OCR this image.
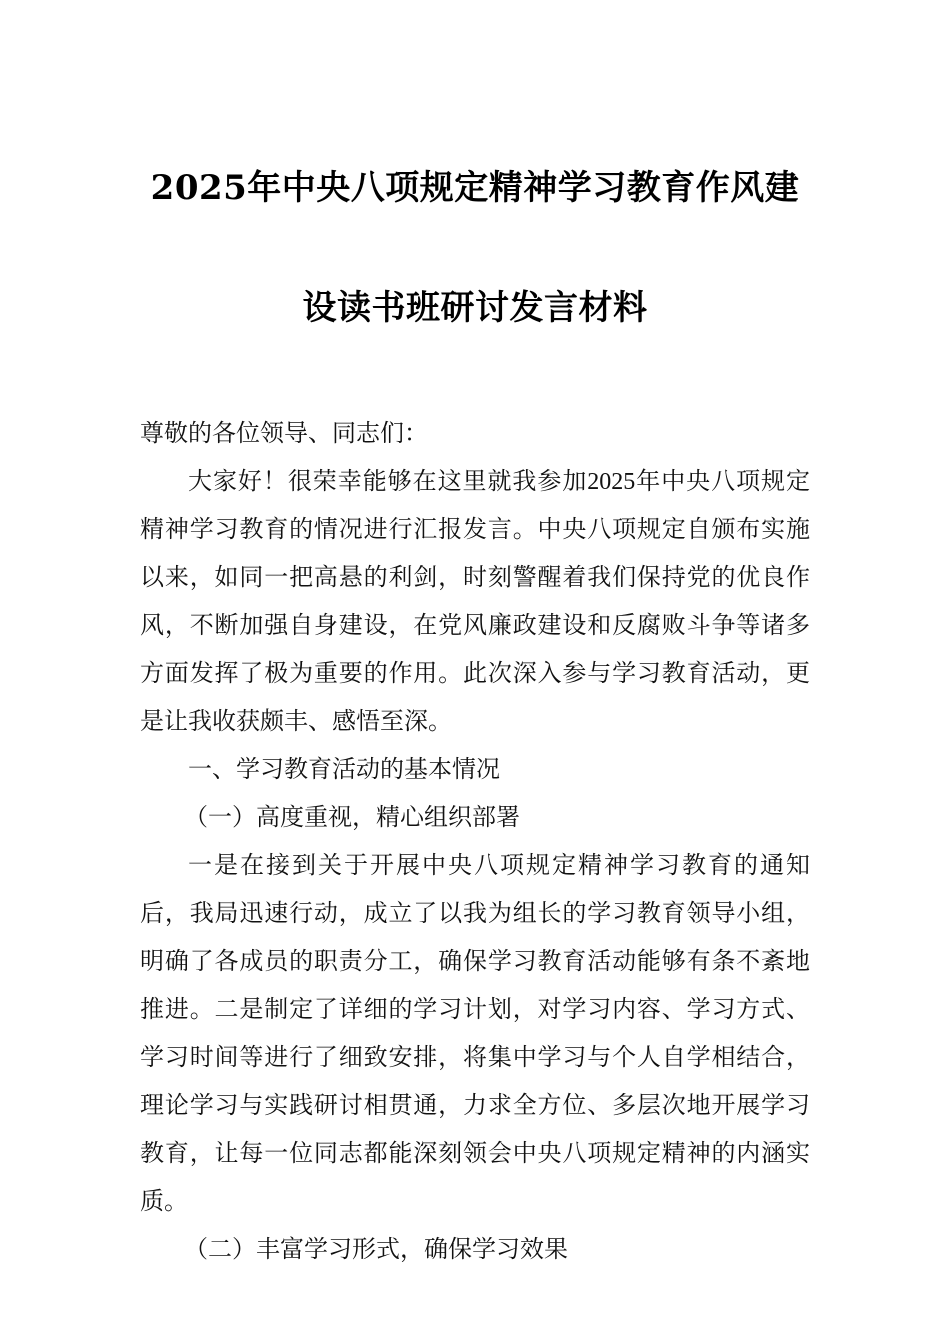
2025年中央八项规定精神学习教育作风建设读书班研讨发言材料

尊敬的各位领导、同志们：

大家好！很荣幸能够在这里就我参加2025年中央八项规定精神学习教育的情况进行汇报发言。中央八项规定自颁布实施以来，如同一把高悬的利剑，时刻警醒着我们保持党的优良作风，不断加强自身建设，在党风廉政建设和反腐败斗争等诸多方面发挥了极为重要的作用。此次深入参与学习教育活动，更是让我收获颇丰、感悟至深。

一、学习教育活动的基本情况

（一）高度重视，精心组织部署

一是在接到关于开展中央八项规定精神学习教育的通知后，我局迅速行动，成立了以我为组长的学习教育领导小组，明确了各成员的职责分工，确保学习教育活动能够有条不紊地推进。二是制定了详细的学习计划，对学习内容、学习方式、学习时间等进行了细致安排，将集中学习与个人自学相结合，理论学习与实践研讨相贯通，力求全方位、多层次地开展学习教育，让每一位同志都能深刻领会中央八项规定精神的内涵实质。

（二）丰富学习形式，确保学习效果
